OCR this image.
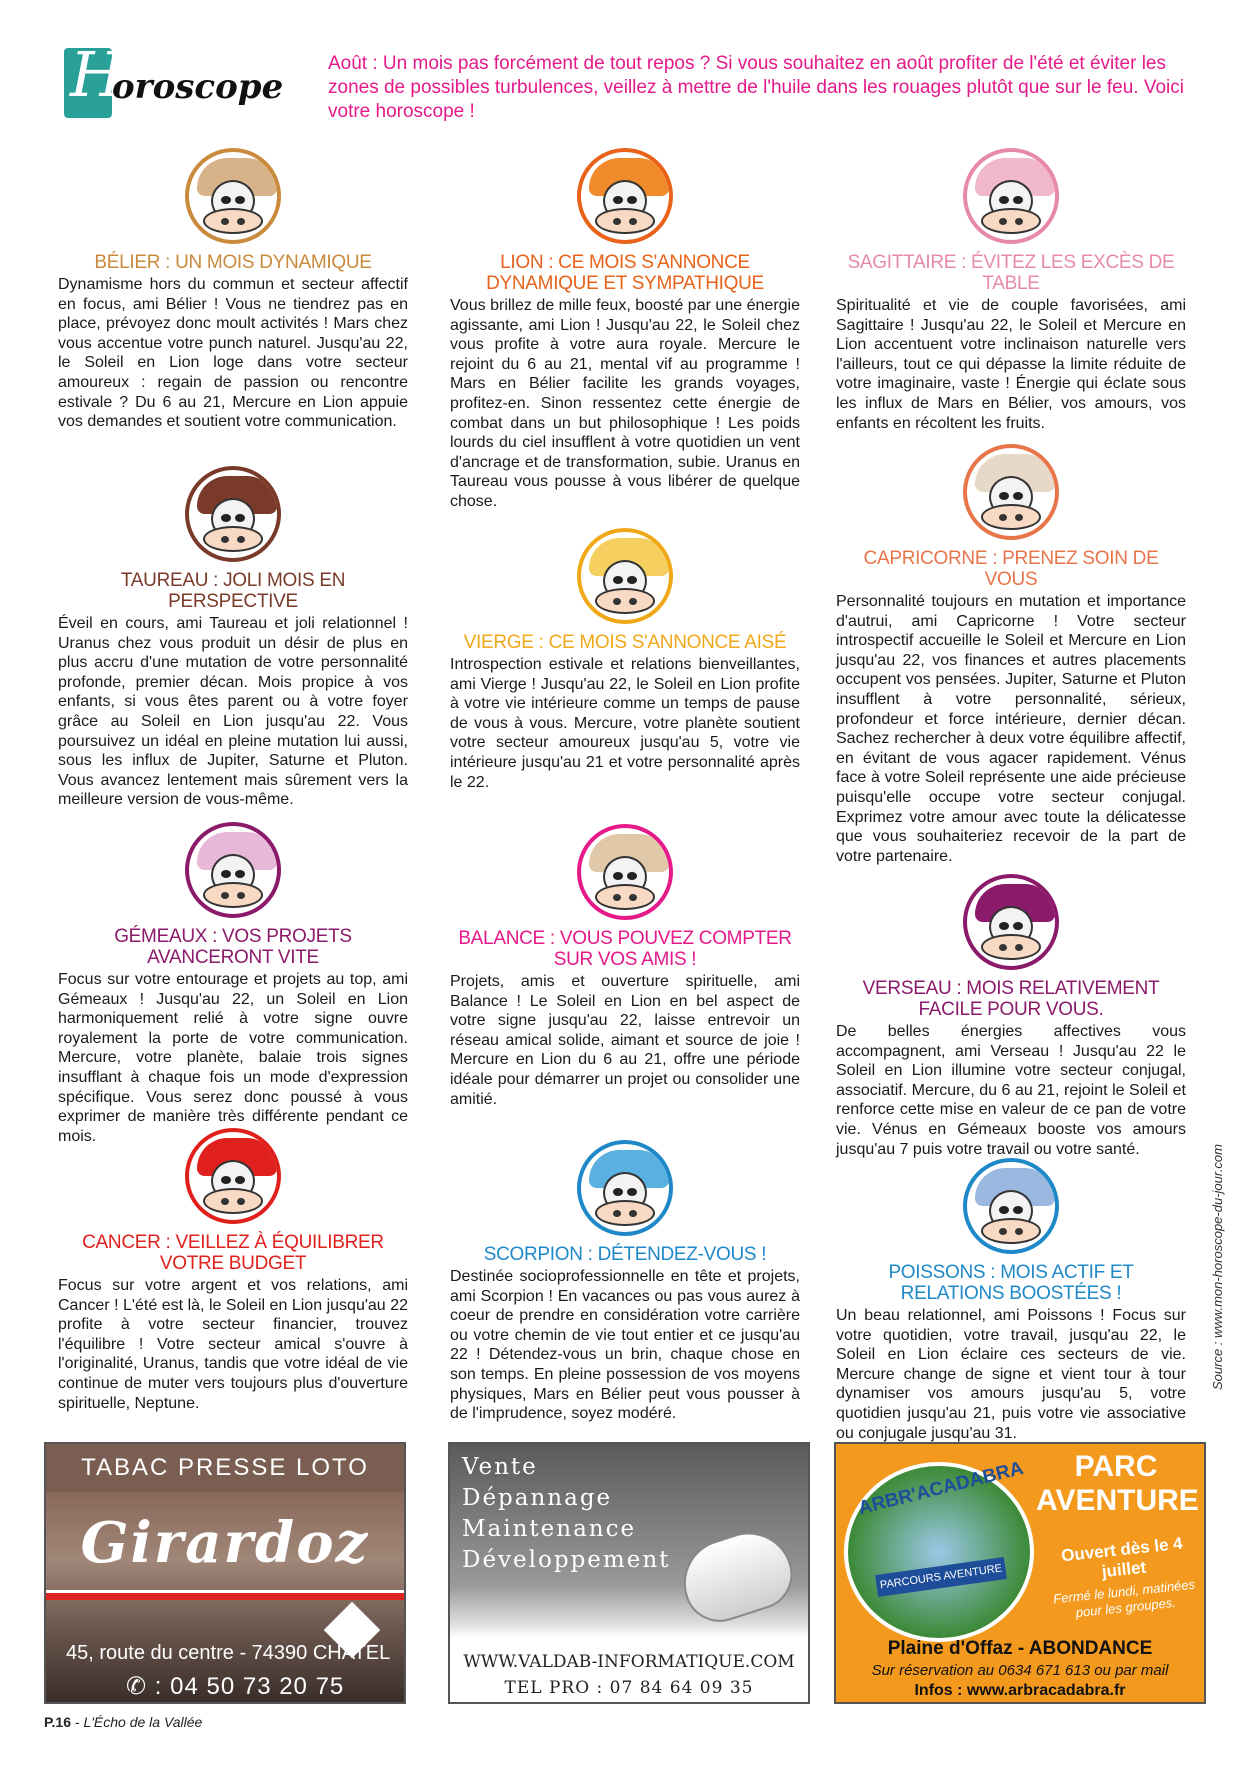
H
oroscope

Août : Un mois pas forcément de tout repos ? Si vous souhaitez en août profiter de l'été et éviter les zones de possibles turbulences, veillez à mettre de l'huile dans les rouages plutôt que sur le feu. Voici votre horoscope !

BÉLIER : UN MOIS DYNAMIQUE

Dynamisme hors du commun et secteur affectif en focus, ami Bélier ! Vous ne tiendrez pas en place, prévoyez donc moult activités ! Mars chez vous accentue votre punch naturel. Jusqu'au 22, le Soleil en Lion loge dans votre secteur amoureux : regain de passion ou rencontre estivale ? Du 6 au 21, Mercure en Lion appuie vos demandes et soutient votre communication.

TAUREAU : JOLI MOIS EN PERSPECTIVE

Éveil en cours, ami Taureau et joli relationnel ! Uranus chez vous produit un désir de plus en plus accru d'une mutation de votre personnalité profonde, premier décan. Mois propice à vos enfants, si vous êtes parent ou à votre foyer grâce au Soleil en Lion jusqu'au 22. Vous poursuivez un idéal en pleine mutation lui aussi, sous les influx de Jupiter, Saturne et Pluton. Vous avancez lentement mais sûrement vers la meilleure version de vous-même.

GÉMEAUX : VOS PROJETS AVANCERONT VITE

Focus sur votre entourage et projets au top, ami Gémeaux ! Jusqu'au 22, un Soleil en Lion harmoniquement relié à votre signe ouvre royalement la porte de votre communication. Mercure, votre planète, balaie trois signes insufflant à chaque fois un mode d'expression spécifique. Vous serez donc poussé à vous exprimer de manière très différente pendant ce mois.

CANCER : VEILLEZ À ÉQUILIBRER VOTRE BUDGET

Focus sur votre argent et vos relations, ami Cancer ! L'été est là, le Soleil en Lion jusqu'au 22 profite à votre secteur financier, trouvez l'équilibre ! Votre secteur amical s'ouvre à l'originalité, Uranus, tandis que votre idéal de vie continue de muter vers toujours plus d'ouverture spirituelle, Neptune.

LION : CE MOIS S'ANNONCE DYNAMIQUE ET SYMPATHIQUE

Vous brillez de mille feux, boosté par une énergie agissante, ami Lion ! Jusqu'au 22, le Soleil chez vous profite à votre aura royale. Mercure le rejoint du 6 au 21, mental vif au programme ! Mars en Bélier facilite les grands voyages, profitez-en. Sinon ressentez cette énergie de combat dans un but philosophique ! Les poids lourds du ciel insufflent à votre quotidien un vent d'ancrage et de transformation, subie. Uranus en Taureau vous pousse à vous libérer de quelque chose.

VIERGE : CE MOIS S'ANNONCE AISÉ

Introspection estivale et relations bienveillantes, ami Vierge ! Jusqu'au 22, le Soleil en Lion profite à votre vie intérieure comme un temps de pause de vous à vous. Mercure, votre planète soutient votre secteur amoureux jusqu'au 5, votre vie intérieure jusqu'au 21 et votre personnalité après le 22.

BALANCE : VOUS POUVEZ COMPTER SUR VOS AMIS !

Projets, amis et ouverture spirituelle, ami Balance ! Le Soleil en Lion en bel aspect de votre signe jusqu'au 22, laisse entrevoir un réseau amical solide, aimant et source de joie ! Mercure en Lion du 6 au 21, offre une période idéale pour démarrer un projet ou consolider une amitié.

SCORPION : DÉTENDEZ-VOUS !

Destinée socioprofessionnelle en tête et projets, ami Scorpion ! En vacances ou pas vous aurez à coeur de prendre en considération votre carrière ou votre chemin de vie tout entier et ce jusqu'au 22 ! Détendez-vous un brin, chaque chose en son temps. En pleine possession de vos moyens physiques, Mars en Bélier peut vous pousser à de l'imprudence, soyez modéré.

SAGITTAIRE : ÉVITEZ LES EXCÈS DE TABLE

Spiritualité et vie de couple favorisées, ami Sagittaire ! Jusqu'au 22, le Soleil et Mercure en Lion accentuent votre inclinaison naturelle vers l'ailleurs, tout ce qui dépasse la limite réduite de votre imaginaire, vaste ! Énergie qui éclate sous les influx de Mars en Bélier, vos amours, vos enfants en récoltent les fruits.

CAPRICORNE : PRENEZ SOIN DE VOUS

Personnalité toujours en mutation et importance d'autrui, ami Capricorne ! Votre secteur introspectif accueille le Soleil et Mercure en Lion jusqu'au 22, vos finances et autres placements occupent vos pensées. Jupiter, Saturne et Pluton insufflent à votre personnalité, sérieux, profondeur et force intérieure, dernier décan. Sachez rechercher à deux votre équilibre affectif, en évitant de vous agacer rapidement. Vénus face à votre Soleil représente une aide précieuse puisqu'elle occupe votre secteur conjugal. Exprimez votre amour avec toute la délicatesse que vous souhaiteriez recevoir de la part de votre partenaire.

VERSEAU : MOIS RELATIVEMENT FACILE POUR VOUS.

De belles énergies affectives vous accompagnent, ami Verseau ! Jusqu'au 22 le Soleil en Lion illumine votre secteur conjugal, associatif. Mercure, du 6 au 21, rejoint le Soleil et renforce cette mise en valeur de ce pan de votre vie. Vénus en Gémeaux booste vos amours jusqu'au 7 puis votre travail ou votre santé.

POISSONS : MOIS ACTIF ET RELATIONS BOOSTÉES !

Un beau relationnel, ami Poissons ! Focus sur votre quotidien, votre travail, jusqu'au 22, le Soleil en Lion éclaire ces secteurs de vie. Mercure change de signe et vient tour à tour dynamiser vos amours jusqu'au 5, votre quotidien jusqu'au 21, puis votre vie associative ou conjugale jusqu'au 31.

Source : www.mon-horoscope-du-jour.com
TABAC PRESSE LOTO
Girardoz
45, route du centre - 74390 CHATEL
✆ : 04 50 73 20 75
Vente
Dépannage
Maintenance
Développement
WWW.VALDAB-INFORMATIQUE.COM
TEL PRO : 07 84 64 09 35
ARBR'ACADABRA
PARCOURS AVENTURE
PARC AVENTURE
Ouvert dès le 4 juillet
Fermé le lundi, matinées pour les groupes.
Plaine d'Offaz - ABONDANCE
Sur réservation au 0634 671 613 ou par mail
Infos : www.arbracadabra.fr
P.16 - L'Écho de la Vallée
